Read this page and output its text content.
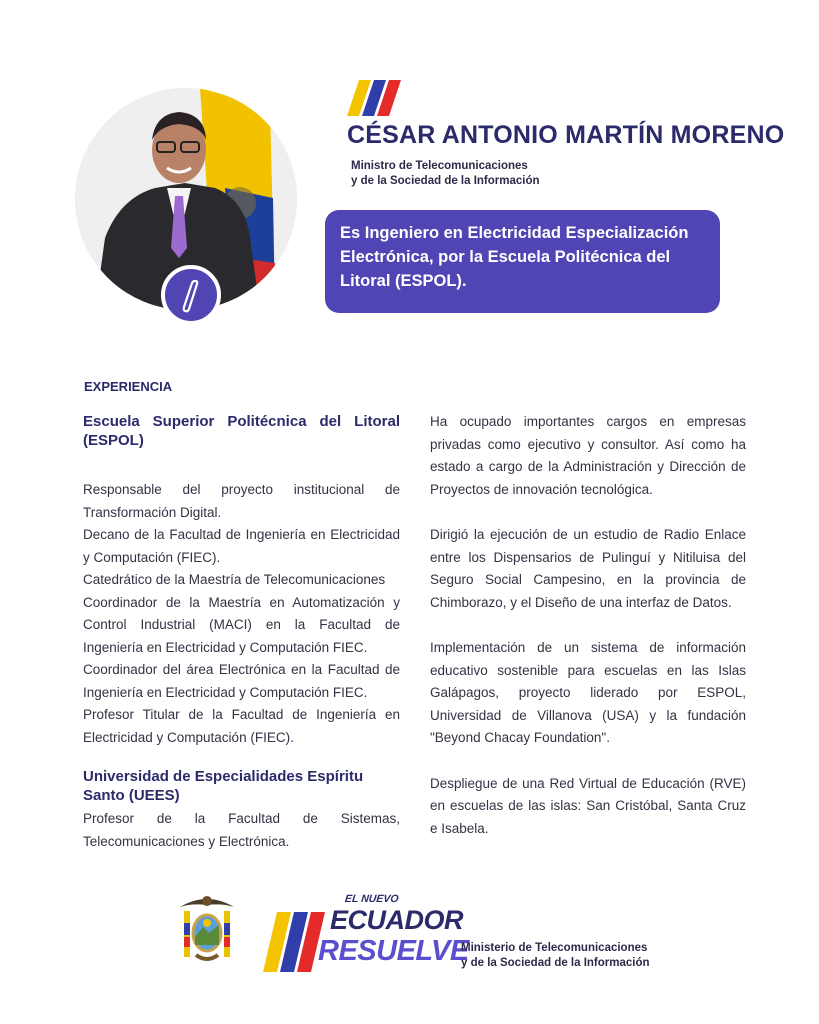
CÉSAR ANTONIO MARTÍN MORENO
Ministro de Telecomunicaciones
y de la Sociedad de la Información
Es Ingeniero en Electricidad Especialización Electrónica, por la Escuela Politécnica del Litoral (ESPOL).
EXPERIENCIA
Escuela Superior Politécnica del Litoral (ESPOL)

Responsable del proyecto institucional de Transformación Digital.

Decano de la Facultad de Ingeniería en Electricidad y Computación (FIEC).

Catedrático de la Maestría de Telecomunicaciones

Coordinador de la Maestría en Automatización y Control Industrial (MACI) en la Facultad de Ingeniería en Electricidad y Computación FIEC.

Coordinador del área Electrónica en la Facultad de Ingeniería en Electricidad y Computación FIEC.

Profesor Titular de la Facultad de Ingeniería en Electricidad y Computación (FIEC).

Universidad de Especialidades Espíritu Santo (UEES)

Profesor de la Facultad de Sistemas, Telecomunicaciones y Electrónica.

Ha ocupado importantes cargos en empresas privadas como ejecutivo y consultor. Así como ha estado a cargo de la Administración y Dirección de Proyectos de innovación tecnológica.

Dirigió la ejecución de un estudio de Radio Enlace entre los Dispensarios de Pulinguí y Nitiluisa del Seguro Social Campesino, en la provincia de Chimborazo, y el Diseño de una interfaz de Datos.

Implementación de un sistema de información educativo sostenible para escuelas en las Islas Galápagos, proyecto liderado por ESPOL, Universidad de Villanova (USA) y la fundación "Beyond Chacay Foundation".

Despliegue de una Red Virtual de Educación (RVE) en escuelas de las islas: San Cristóbal, Santa Cruz e Isabela.

EL NUEVO
ECUADOR
RESUELVE
Ministerio de Telecomunicaciones
y de la Sociedad de la Información
